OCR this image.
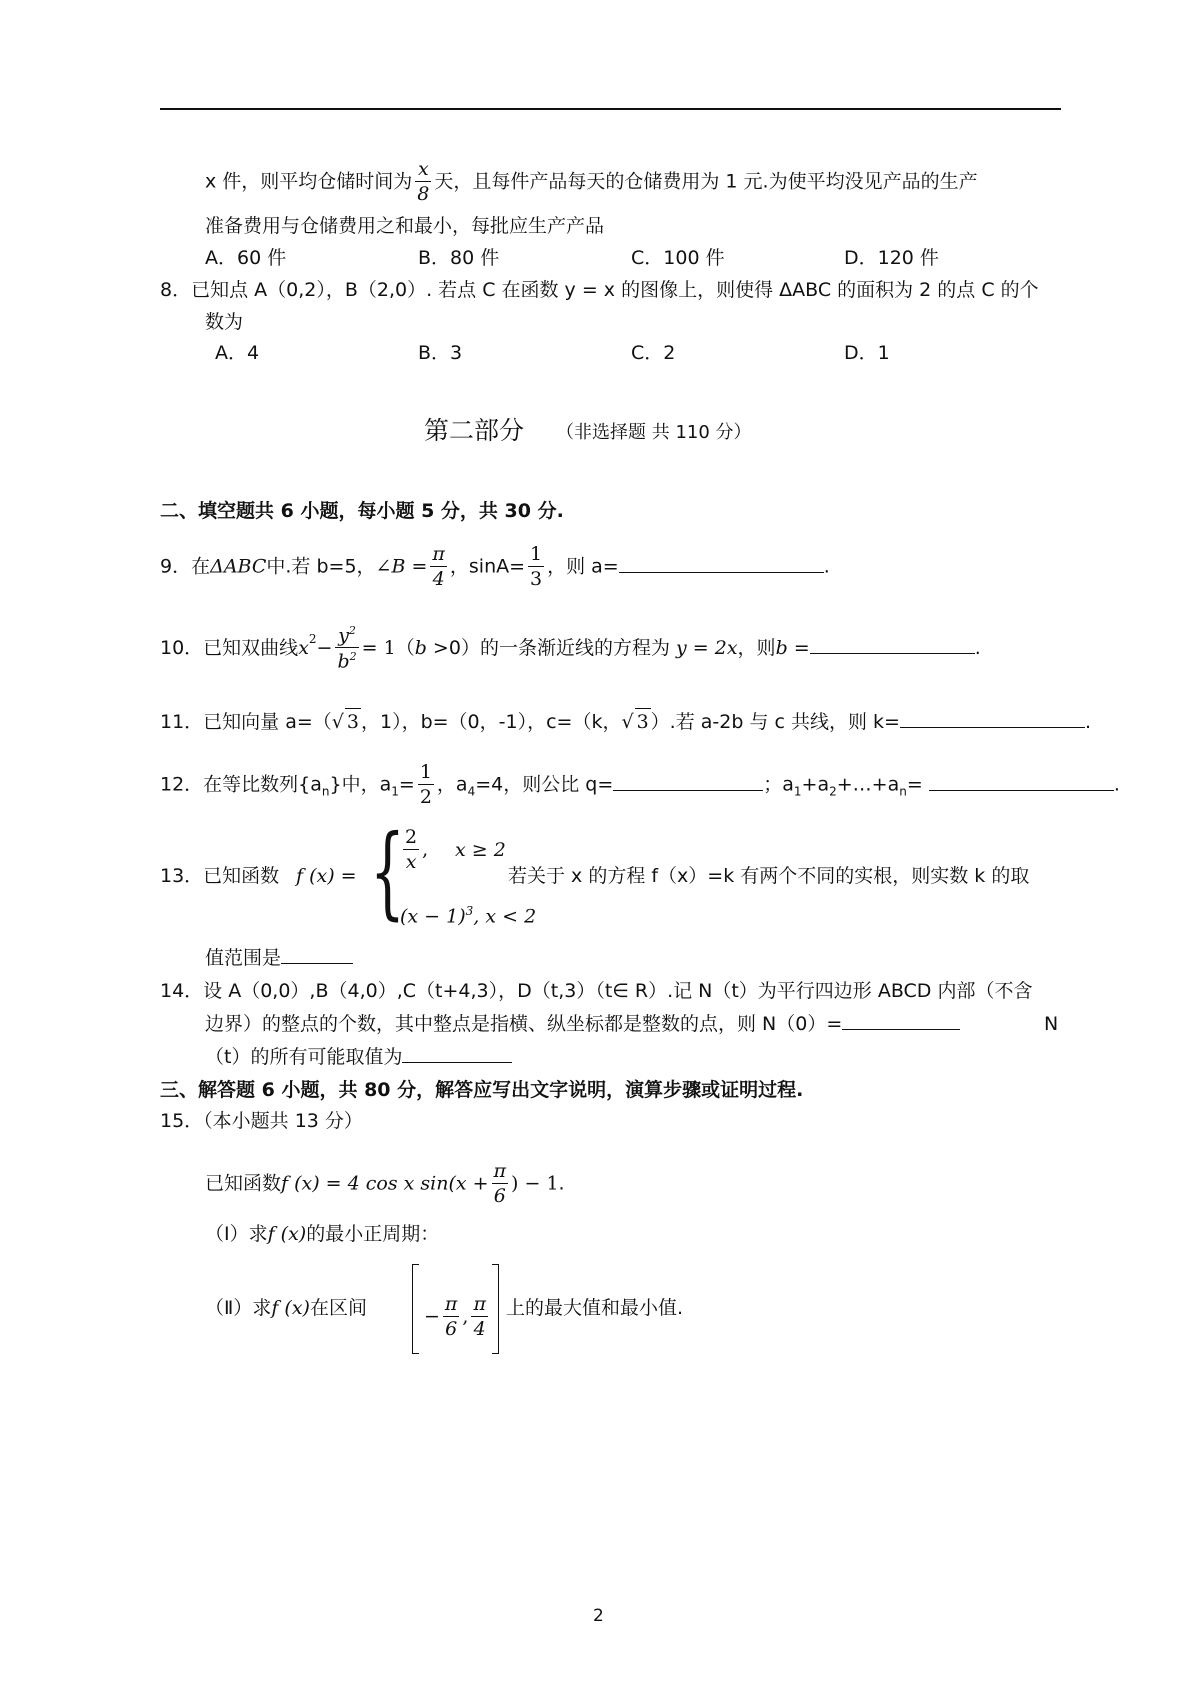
x 件，则平均仓储时间为 $\frac{x}{8}$ 天，且每件产品每天的仓储费用为 1 元.为使平均没见产品的生产
准备费用与仓储费用之和最小，每批应生产产品
A．60 件	B．80 件	C．100 件	D．120 件
8．已知点 A（0,2），B（2,0）. 若点 C 在函数 y = x 的图像上，则使得 ΔABC 的面积为 2 的点 C 的个
数为
A．4	B．3	C．2	D．1
第二部分 （非选择题 共 110 分）
二、填空题共 6 小题，每小题 5 分，共 30 分.
9．在ΔABC中.若 b=5，∠B = $\frac{\pi}{4}$ ，$\sin A= \frac{1}{3}$ ，则 a=	.
10．已知双曲线$x^2- \frac{y^2}{b^2} = 1(b >0)$的一条渐近线的方程为 y = 2x，则b =	.
11．已知向量 a=（√ 3 ，1），b=（0，-1），c=（k，√ 3 ）.若 a-2b 与 c 共线，则 k=	.
12．在等比数列$\{a_n\}$中，$a_1= \frac{1}{2}$ ，$a_4=4$，则公比 q=	；$a_1+a_2+\dots+a_n=$	.
13．已知函数 f (x) = {
$\frac{2}{x}$ , x ≥ 2
$(x - 1)^3$, x < 2
若关于 x 的方程 f（x）=k 有两个不同的实根，则实数 k 的取
值范围是
14．设 A（0,0）,B（4,0）,C（t+4,3），D（t,3）（t∈ R）.记 N（t）为平行四边形 ABCD 内部（不含
边界）的整点的个数，其中整点是指横、纵坐标都是整数的点，则 N（0）=	N
（t）的所有可能取值为
三、解答题 6 小题，共 80 分，解答应写出文字说明，演算步骤或证明过程.
15．（本小题共 13 分）
已知函数f (x) = 4 cos x $\sin(x + \frac{\pi}{6}$ ) − 1.
（Ⅰ）求f (x)的最小正周期：
（Ⅱ）求f (x)在区间	− $\frac{\pi}{6}$ , $\frac{\pi}{4}$ 上的最大值和最小值.
2
